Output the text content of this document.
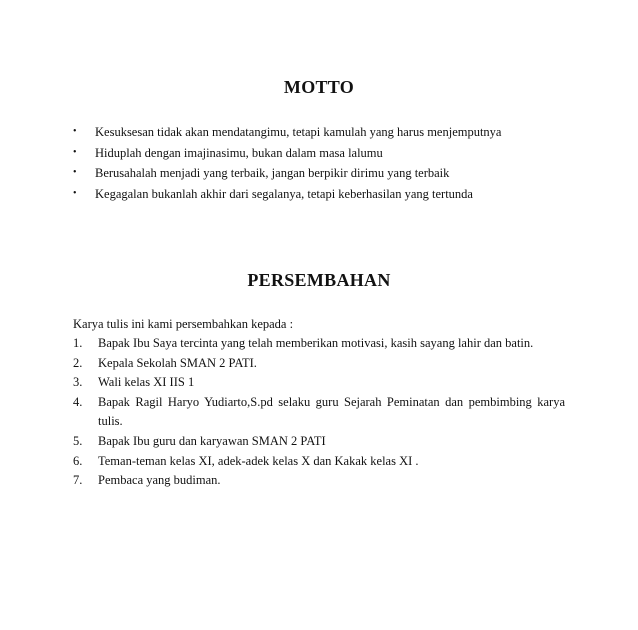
MOTTO
• Kesuksesan tidak akan mendatangimu, tetapi kamulah yang harus menjemputnya
• Hiduplah dengan imajinasimu, bukan dalam masa lalumu
• Berusahalah menjadi yang terbaik, jangan berpikir dirimu yang terbaik
• Kegagalan bukanlah akhir dari segalanya, tetapi keberhasilan yang tertunda
PERSEMBAHAN
Karya tulis ini kami persembahkan kepada :
1. Bapak Ibu Saya tercinta yang telah memberikan motivasi, kasih sayang lahir dan batin.
2. Kepala Sekolah SMAN 2 PATI.
3. Wali kelas XI IIS 1
4. Bapak Ragil Haryo Yudiarto,S.pd selaku guru Sejarah Peminatan dan pembimbing karya tulis.
5. Bapak Ibu guru dan karyawan SMAN 2 PATI
6. Teman-teman kelas XI, adek-adek kelas X dan Kakak kelas XI .
7. Pembaca yang budiman.
